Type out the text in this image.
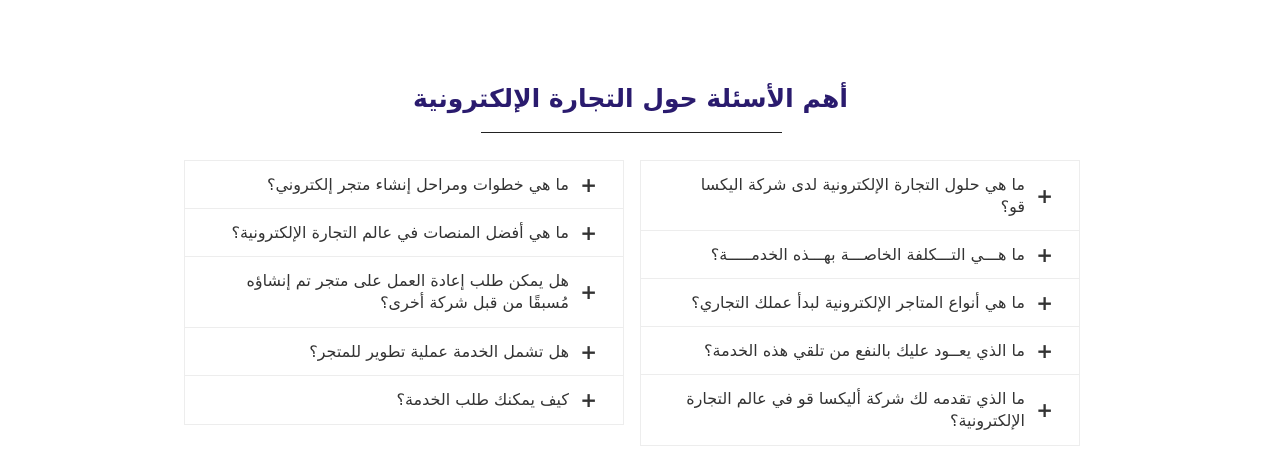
أهم الأسئلة حول التجارة الإلكترونية
+
ما هي حلول التجارة الإلكترونية لدى شركة اليكسا قو؟
+
ما هـــي التـــكلفة الخاصـــة بهـــذه الخدمـــــة؟
+
ما هي أنواع المتاجر الإلكترونية لبدأ عملك التجاري؟
+
ما الذي يعــود عليك بالنفع من تلقي هذه الخدمة؟
+
ما الذي تقدمه لك شركة أليكسا قو في عالم التجارة الإلكترونية؟
+
ما هي خطوات ومراحل إنشاء متجر إلكتروني؟
+
ما هي أفضل المنصات في عالم التجارة الإلكترونية؟
+
هل يمكن طلب إعادة العمل على متجر تم إنشاؤه مُسبقًا من قبل شركة أخرى؟
+
هل تشمل الخدمة عملية تطوير للمتجر؟
+
كيف يمكنك طلب الخدمة؟
